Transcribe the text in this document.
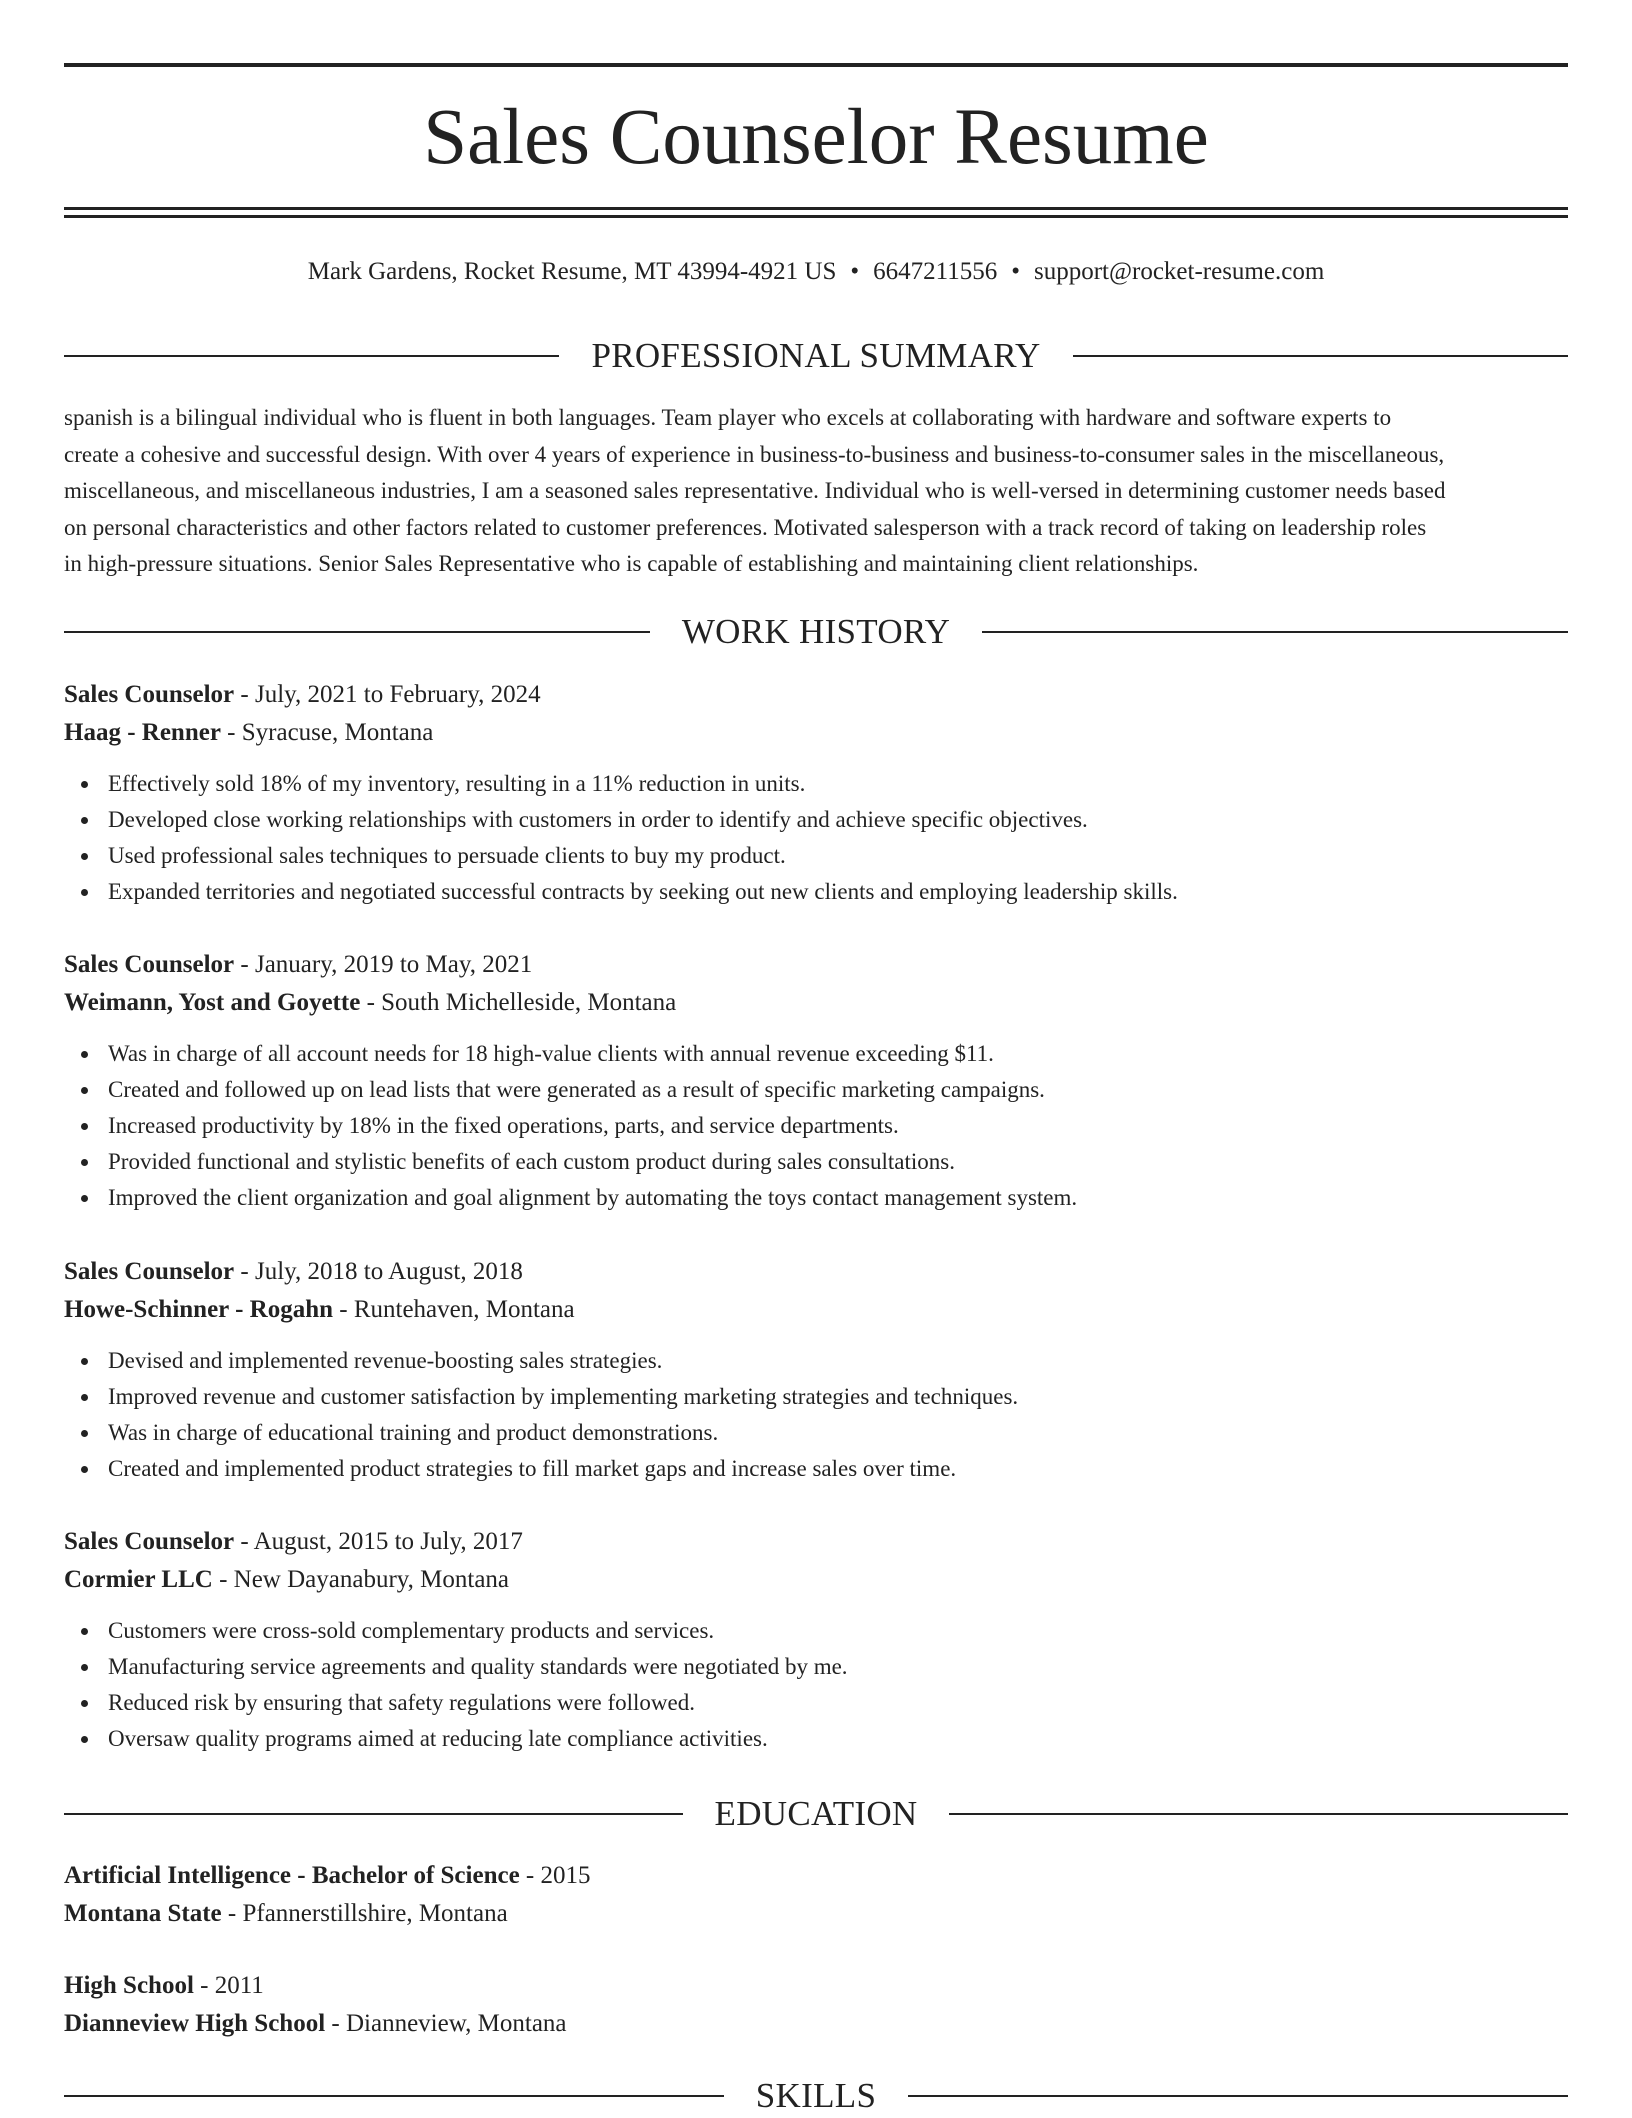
Sales Counselor Resume
Mark Gardens, Rocket Resume, MT 43994-4921 US • 6647211556 • support@rocket-resume.com
PROFESSIONAL SUMMARY

spanish is a bilingual individual who is fluent in both languages. Team player who excels at collaborating with hardware and software experts to
create a cohesive and successful design. With over 4 years of experience in business-to-business and business-to-consumer sales in the miscellaneous,
miscellaneous, and miscellaneous industries, I am a seasoned sales representative. Individual who is well-versed in determining customer needs based
on personal characteristics and other factors related to customer preferences. Motivated salesperson with a track record of taking on leadership roles
in high-pressure situations. Senior Sales Representative who is capable of establishing and maintaining client relationships.

WORK HISTORY
Sales Counselor - July, 2021 to February, 2024
Haag - Renner - Syracuse, Montana
Effectively sold 18% of my inventory, resulting in a 11% reduction in units.
Developed close working relationships with customers in order to identify and achieve specific objectives.
Used professional sales techniques to persuade clients to buy my product.
Expanded territories and negotiated successful contracts by seeking out new clients and employing leadership skills.
Sales Counselor - January, 2019 to May, 2021
Weimann, Yost and Goyette - South Michelleside, Montana
Was in charge of all account needs for 18 high-value clients with annual revenue exceeding $11.
Created and followed up on lead lists that were generated as a result of specific marketing campaigns.
Increased productivity by 18% in the fixed operations, parts, and service departments.
Provided functional and stylistic benefits of each custom product during sales consultations.
Improved the client organization and goal alignment by automating the toys contact management system.
Sales Counselor - July, 2018 to August, 2018
Howe-Schinner - Rogahn - Runtehaven, Montana
Devised and implemented revenue-boosting sales strategies.
Improved revenue and customer satisfaction by implementing marketing strategies and techniques.
Was in charge of educational training and product demonstrations.
Created and implemented product strategies to fill market gaps and increase sales over time.
Sales Counselor - August, 2015 to July, 2017
Cormier LLC - New Dayanabury, Montana
Customers were cross-sold complementary products and services.
Manufacturing service agreements and quality standards were negotiated by me.
Reduced risk by ensuring that safety regulations were followed.
Oversaw quality programs aimed at reducing late compliance activities.
EDUCATION
Artificial Intelligence - Bachelor of Science - 2015
Montana State - Pfannerstillshire, Montana
High School - 2011
Dianneview High School - Dianneview, Montana
SKILLS
